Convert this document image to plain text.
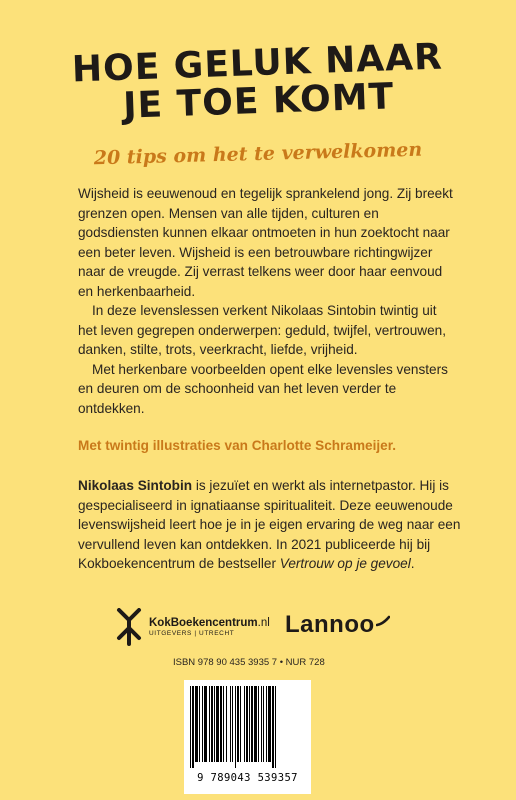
HOE GELUK NAAR
JE TOE KOMT
20 tips om het te verwelkomen

Wijsheid is eeuwenoud en tegelijk sprankelend jong. Zij breekt grenzen open. Mensen van alle tijden, culturen en godsdiensten kunnen elkaar ontmoeten in hun zoektocht naar een beter leven. Wijsheid is een betrouwbare richtingwijzer naar de vreugde. Zij verrast telkens weer door haar eenvoud en herkenbaarheid.

In deze levenslessen verkent Nikolaas Sintobin twintig uit het leven gegrepen onderwerpen: geduld, twijfel, vertrouwen, danken, stilte, trots, veerkracht, liefde, vrijheid.

Met herkenbare voorbeelden opent elke levensles vensters en deuren om de schoonheid van het leven verder te ontdekken.

Met twintig illustraties van Charlotte Schrameijer.

Nikolaas Sintobin is jezuïet en werkt als internetpastor. Hij is gespecialiseerd in ignatiaanse spiritualiteit. Deze eeuwenoude levenswijsheid leert hoe je in je eigen ervaring de weg naar een vervullend leven kan ontdekken. In 2021 publiceerde hij bij Kokboekencentrum de bestseller Vertrouw op je gevoel.

KokBoekencentrum.nl
UITGEVERS | UTRECHT	Lannoo
ISBN 978 90 435 3935 7 • NUR 728
9 789043 539357
